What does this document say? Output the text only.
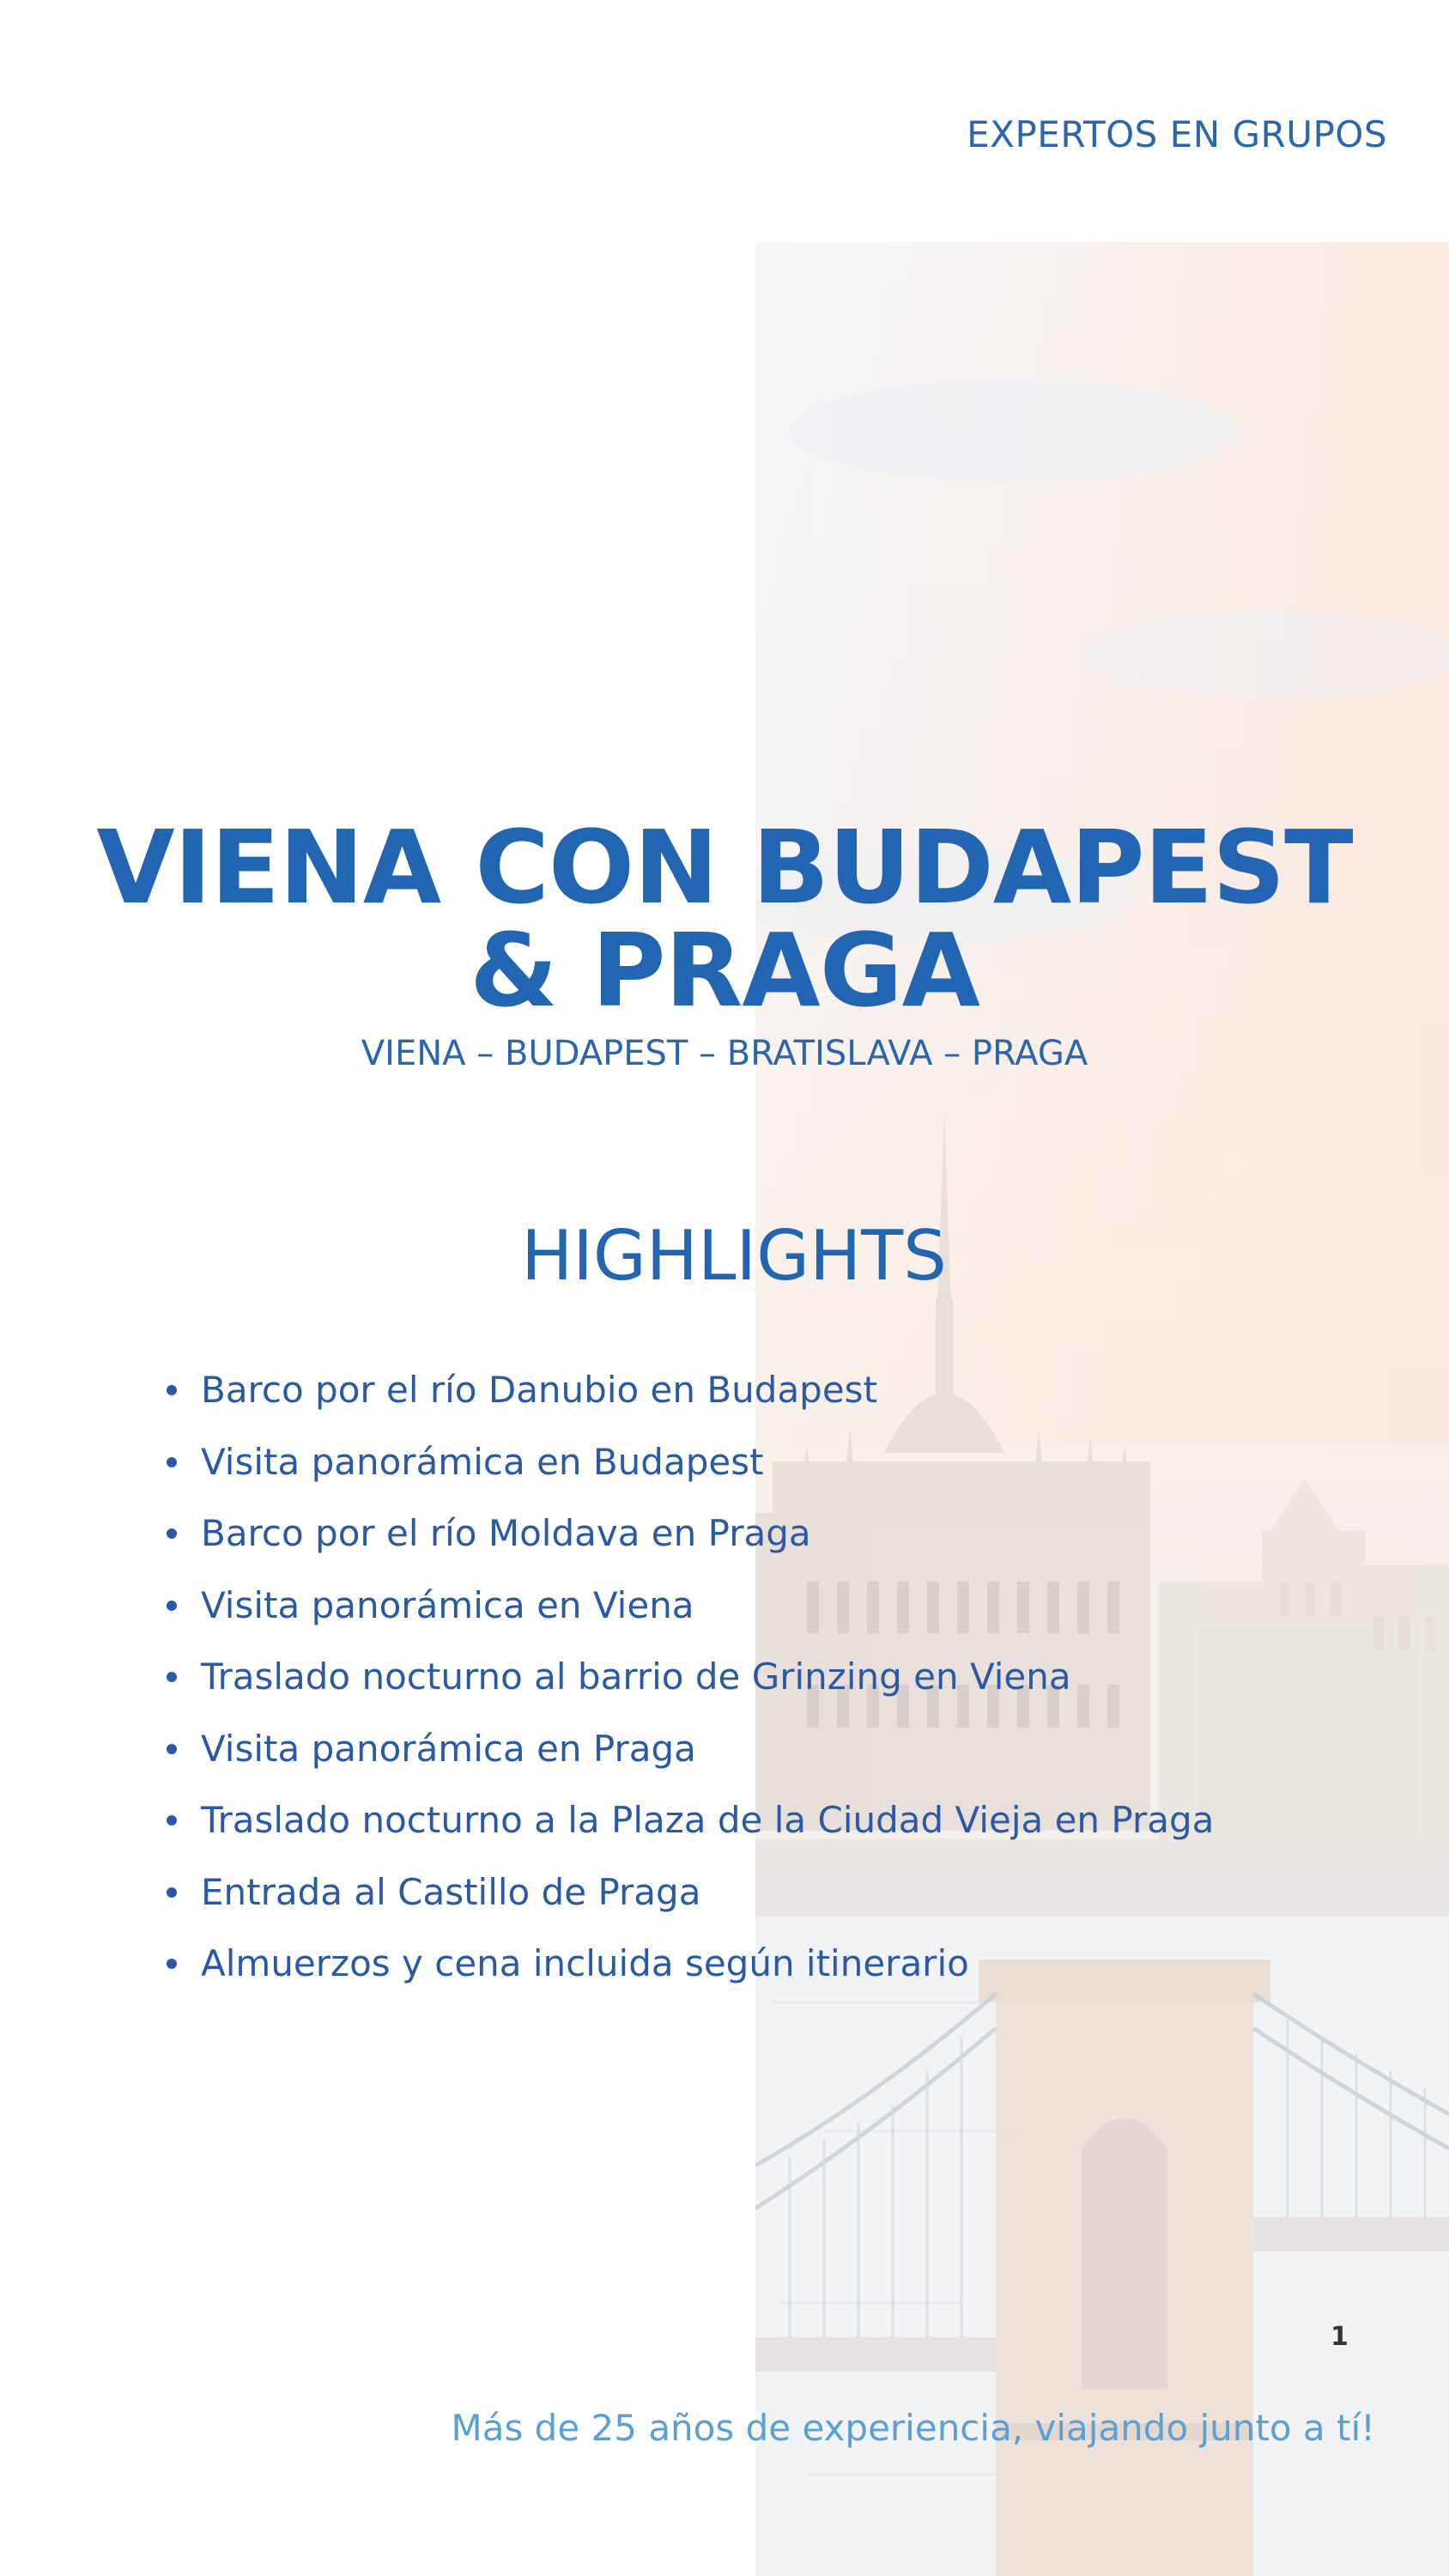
EXPERTOS EN GRUPOS
VIENA CON BUDAPEST
& PRAGA
VIENA – BUDAPEST – BRATISLAVA – PRAGA
HIGHLIGHTS
Barco por el río Danubio en Budapest
Visita panorámica en Budapest
Barco por el río Moldava en Praga
Visita panorámica en Viena
Traslado nocturno al barrio de Grinzing en Viena
Visita panorámica en Praga
Traslado nocturno a la Plaza de la Ciudad Vieja en Praga
Entrada al Castillo de Praga
Almuerzos y cena incluida según itinerario
1
Más de 25 años de experiencia, viajando junto a tí!
